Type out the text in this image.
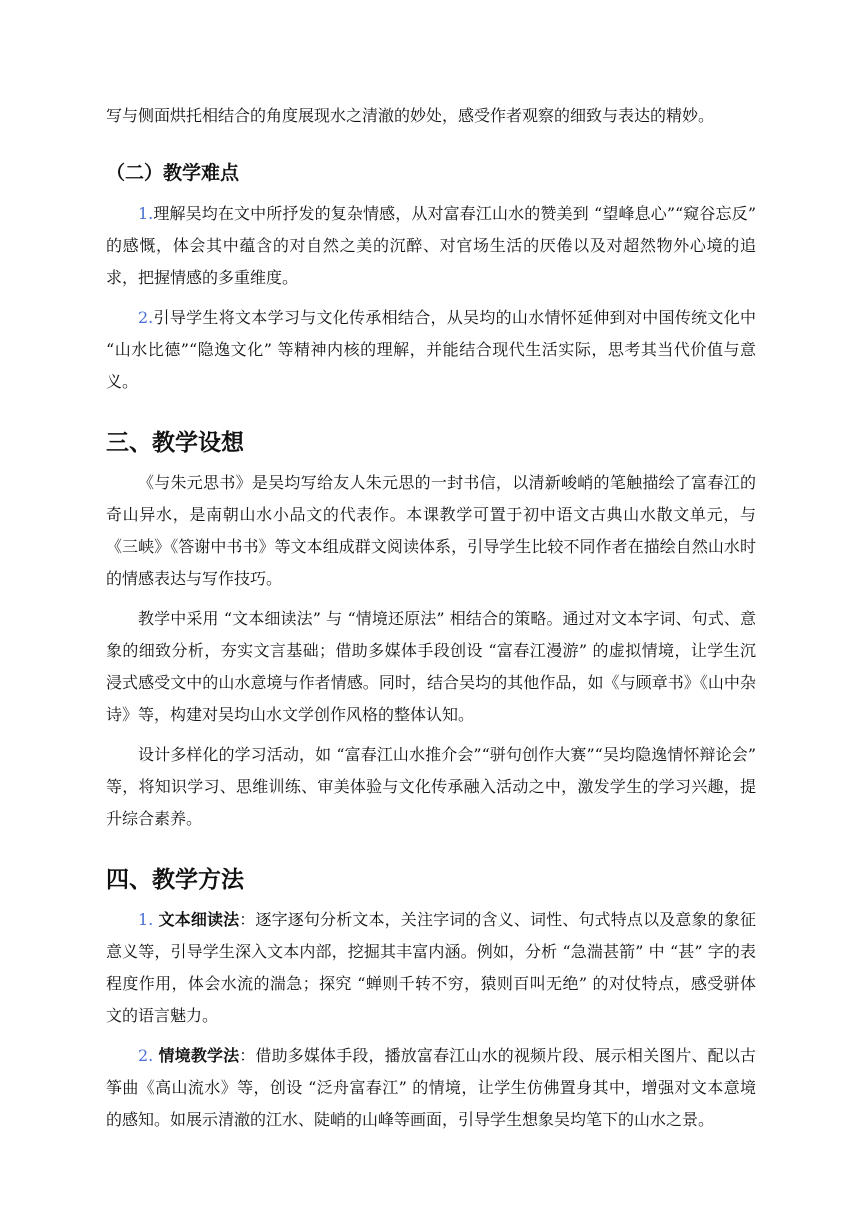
写与侧面烘托相结合的角度展现水之清澈的妙处，感受作者观察的细致与表达的精妙。

（二）教学难点

1.理解吴均在文中所抒发的复杂情感，从对富春江山水的赞美到 “望峰息心”“窥谷忘反” 的感慨，体会其中蕴含的对自然之美的沉醉、对官场生活的厌倦以及对超然物外心境的追求，把握情感的多重维度。

2.引导学生将文本学习与文化传承相结合，从吴均的山水情怀延伸到对中国传统文化中 “山水比德”“隐逸文化” 等精神内核的理解，并能结合现代生活实际，思考其当代价值与意义。

三、教学设想

《与朱元思书》是吴均写给友人朱元思的一封书信，以清新峻峭的笔触描绘了富春江的奇山异水，是南朝山水小品文的代表作。本课教学可置于初中语文古典山水散文单元，与《三峡》《答谢中书书》等文本组成群文阅读体系，引导学生比较不同作者在描绘自然山水时的情感表达与写作技巧。

教学中采用 “文本细读法” 与 “情境还原法” 相结合的策略。通过对文本字词、句式、意象的细致分析，夯实文言基础；借助多媒体手段创设 “富春江漫游” 的虚拟情境，让学生沉浸式感受文中的山水意境与作者情感。同时，结合吴均的其他作品，如《与顾章书》《山中杂诗》等，构建对吴均山水文学创作风格的整体认知。

设计多样化的学习活动，如 “富春江山水推介会”“骈句创作大赛”“吴均隐逸情怀辩论会” 等，将知识学习、思维训练、审美体验与文化传承融入活动之中，激发学生的学习兴趣，提升综合素养。

四、教学方法

1. 文本细读法：逐字逐句分析文本，关注字词的含义、词性、句式特点以及意象的象征意义等，引导学生深入文本内部，挖掘其丰富内涵。例如，分析 “急湍甚箭” 中 “甚” 字的表程度作用，体会水流的湍急；探究 “蝉则千转不穷，猿则百叫无绝” 的对仗特点，感受骈体文的语言魅力。

2. 情境教学法：借助多媒体手段，播放富春江山水的视频片段、展示相关图片、配以古筝曲《高山流水》等，创设 “泛舟富春江” 的情境，让学生仿佛置身其中，增强对文本意境的感知。如展示清澈的江水、陡峭的山峰等画面，引导学生想象吴均笔下的山水之景。
